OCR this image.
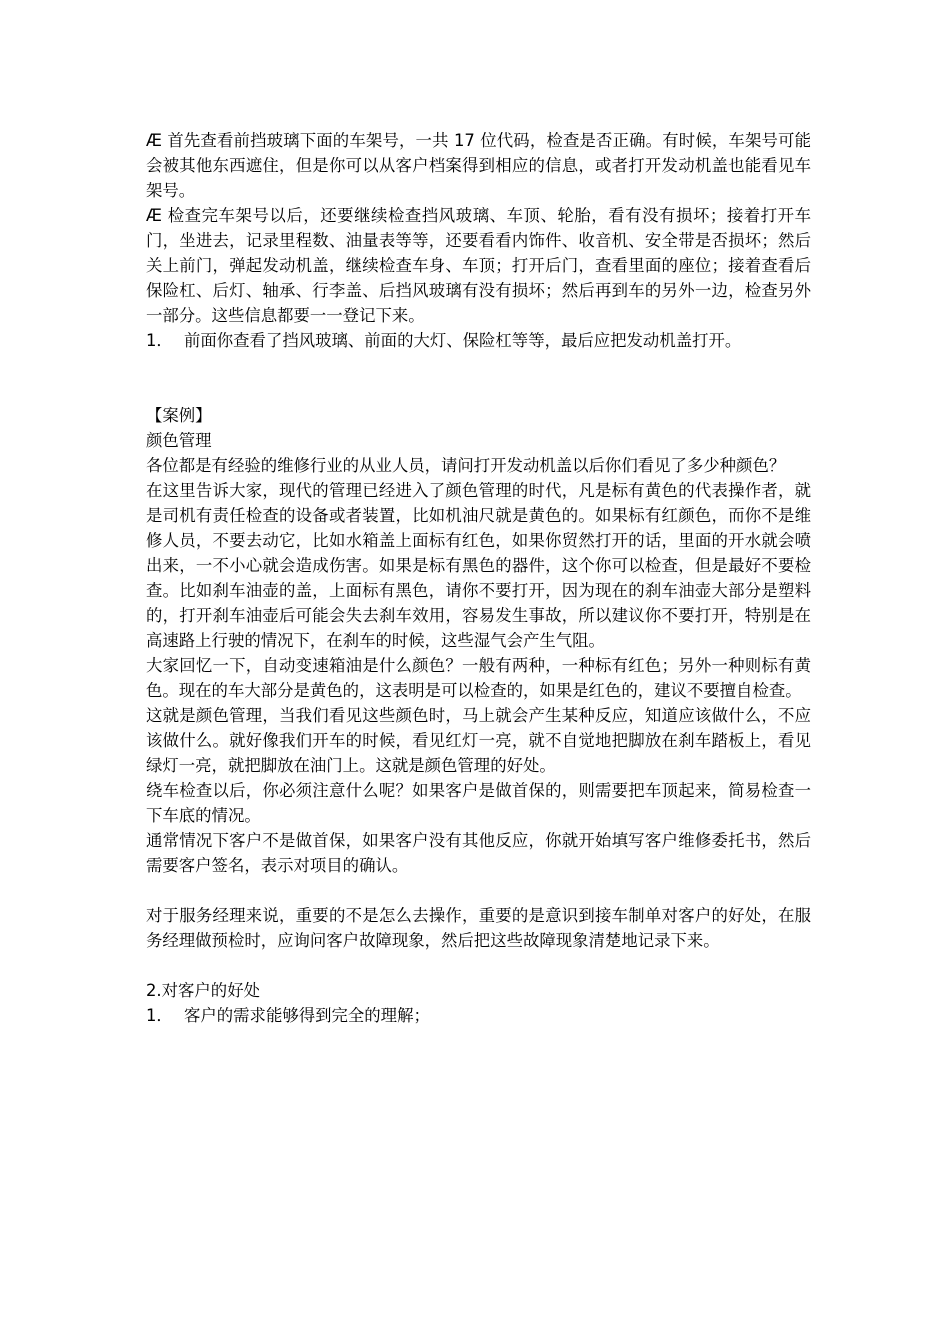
Æ 首先查看前挡玻璃下面的车架号，一共 17 位代码，检查是否正确。有时候，车架号可能会被其他东西遮住，但是你可以从客户档案得到相应的信息，或者打开发动机盖也能看见车架号。

Æ 检查完车架号以后，还要继续检查挡风玻璃、车顶、轮胎，看有没有损坏；接着打开车门，坐进去，记录里程数、油量表等等，还要看看内饰件、收音机、安全带是否损坏；然后关上前门，弹起发动机盖，继续检查车身、车顶；打开后门，查看里面的座位；接着查看后保险杠、后灯、轴承、行李盖、后挡风玻璃有没有损坏；然后再到车的另外一边，检查另外一部分。这些信息都要一一登记下来。

1． 前面你查看了挡风玻璃、前面的大灯、保险杠等等，最后应把发动机盖打开。

【案例】

颜色管理

各位都是有经验的维修行业的从业人员，请问打开发动机盖以后你们看见了多少种颜色？

在这里告诉大家，现代的管理已经进入了颜色管理的时代，凡是标有黄色的代表操作者，就是司机有责任检查的设备或者装置，比如机油尺就是黄色的。如果标有红颜色，而你不是维修人员，不要去动它，比如水箱盖上面标有红色，如果你贸然打开的话，里面的开水就会喷出来，一不小心就会造成伤害。如果是标有黑色的器件，这个你可以检查，但是最好不要检查。比如刹车油壶的盖，上面标有黑色，请你不要打开，因为现在的刹车油壶大部分是塑料的，打开刹车油壶后可能会失去刹车效用，容易发生事故，所以建议你不要打开，特别是在高速路上行驶的情况下，在刹车的时候，这些湿气会产生气阻。

大家回忆一下，自动变速箱油是什么颜色？一般有两种，一种标有红色；另外一种则标有黄色。现在的车大部分是黄色的，这表明是可以检查的，如果是红色的，建议不要擅自检查。

这就是颜色管理，当我们看见这些颜色时，马上就会产生某种反应，知道应该做什么，不应该做什么。就好像我们开车的时候，看见红灯一亮，就不自觉地把脚放在刹车踏板上，看见绿灯一亮，就把脚放在油门上。这就是颜色管理的好处。

绕车检查以后，你必须注意什么呢？如果客户是做首保的，则需要把车顶起来，简易检查一下车底的情况。

通常情况下客户不是做首保，如果客户没有其他反应，你就开始填写客户维修委托书，然后需要客户签名，表示对项目的确认。

对于服务经理来说，重要的不是怎么去操作，重要的是意识到接车制单对客户的好处，在服务经理做预检时，应询问客户故障现象，然后把这些故障现象清楚地记录下来。

2.对客户的好处

1． 客户的需求能够得到完全的理解；
